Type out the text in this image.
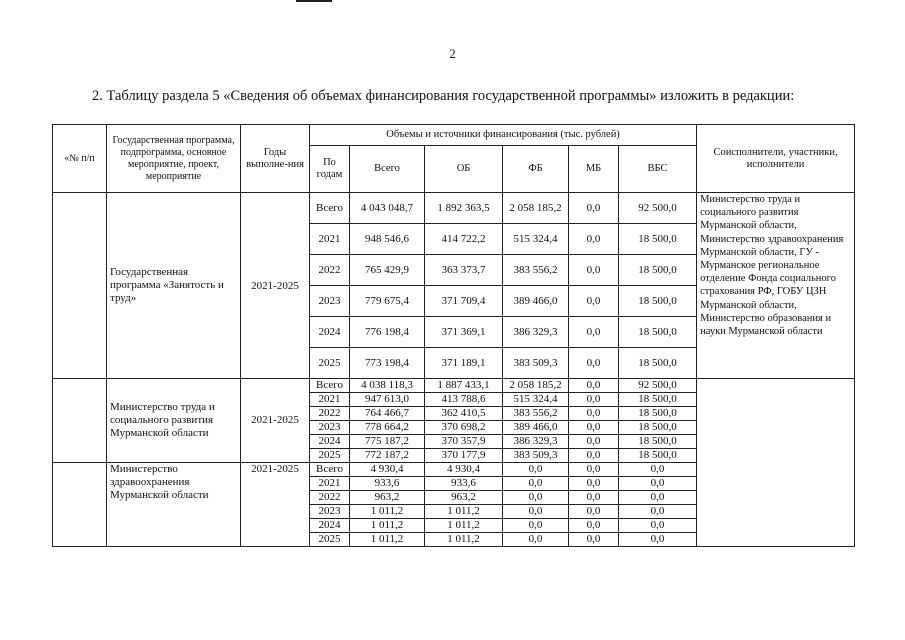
2
2. Таблицу раздела 5 «Сведения об объемах финансирования государственной программы» изложить в редакции:
«№ п/п	Государственная программа, подпрограмма, основное мероприятие, проект, мероприятие	Годы выполне-ния	Объемы и источники финансирования (тыс. рублей)						Соисполнители, участники, исполнители
			По годам	Всего	ОБ	ФБ	МБ	ВБС	
	Государственная программа «Занятость и труд»	2021-2025	Всего	4 043 048,7	1 892 363,5	2 058 185,2	0,0	92 500,0	Министерство труда и социального развития Мурманской области, Министерство здравоохранения Мурманской области, ГУ - Мурманское региональное отделение Фонда социального страхования РФ, ГОБУ ЦЗН Мурманской области, Министерство образования и науки Мурманской области
			2021	948 546,6	414 722,2	515 324,4	0,0	18 500,0	
			2022	765 429,9	363 373,7	383 556,2	0,0	18 500,0	
			2023	779 675,4	371 709,4	389 466,0	0,0	18 500,0	
			2024	776 198,4	371 369,1	386 329,3	0,0	18 500,0	
			2025	773 198,4	371 189,1	383 509,3	0,0	18 500,0	
	Министерство труда и социального развития Мурманской области	2021-2025	Всего	4 038 118,3	1 887 433,1	2 058 185,2	0,0	92 500,0	
			2021	947 613,0	413 788,6	515 324,4	0,0	18 500,0	
			2022	764 466,7	362 410,5	383 556,2	0,0	18 500,0	
			2023	778 664,2	370 698,2	389 466,0	0,0	18 500,0	
			2024	775 187,2	370 357,9	386 329,3	0,0	18 500,0	
			2025	772 187,2	370 177,9	383 509,3	0,0	18 500,0	
	Министерство здравоохранения Мурманской области	2021-2025	Всего	4 930,4	4 930,4	0,0	0,0	0,0	
			2021	933,6	933,6	0,0	0,0	0,0	
			2022	963,2	963,2	0,0	0,0	0,0	
			2023	1 011,2	1 011,2	0,0	0,0	0,0	
			2024	1 011,2	1 011,2	0,0	0,0	0,0	
			2025	1 011,2	1 011,2	0,0	0,0	0,0	
